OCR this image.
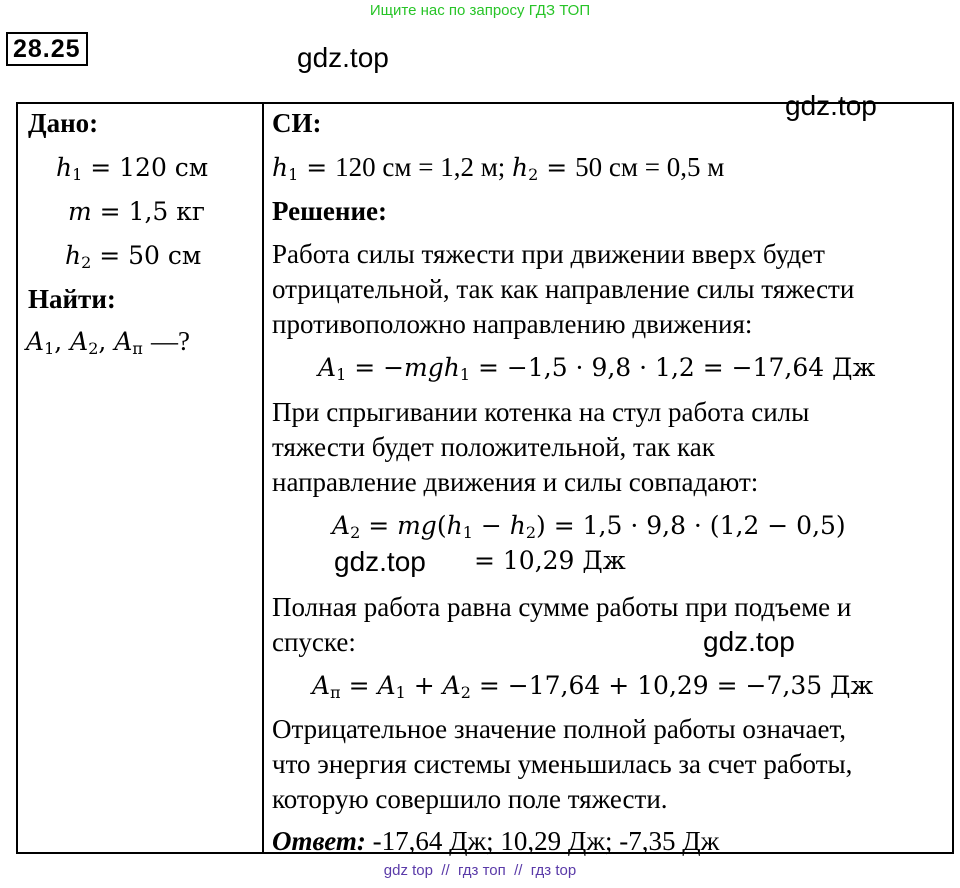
Ищите нас по запросу ГДЗ ТОП
28.25	gdz.top
gdz.top
gdz.top
gdz.top
Дано:
$h_1 = 120$ см
m = 1,5 кг
$h_2 = 50$ см
Найти:
$A_1$, $A_2$, $A_п$ —?
СИ:
$h_1 = 120$ см = 1,2 м; $h_2 = 50$ см = 0,5 м
Решение:
Работа силы тяжести при движении вверх будет
отрицательной, так как направление силы тяжести
противоположно направлению движения:
$A_1 = -mgh_1 = -1,5 \cdot 9,8 \cdot 1,2 = -17,64$ Дж
При спрыгивании котенка на стул работа силы
тяжести будет положительной, так как
направление движения и силы совпадают:
$A_2 = mg(h_1 - h_2) = 1,5 \cdot 9,8 \cdot (1,2 - 0,5)$
= 10,29 Дж
Полная работа равна сумме работы при подъеме и
спуске:
$A_п = A_1 + A_2 = -17,64 + 10,29 = -7,35$ Дж
Отрицательное значение полной работы означает,
что энергия системы уменьшилась за счет работы,
которую совершило поле тяжести.
Ответ: -17,64 Дж; 10,29 Дж; -7,35 Дж
gdz top  //  гдз топ  //  гдз top
